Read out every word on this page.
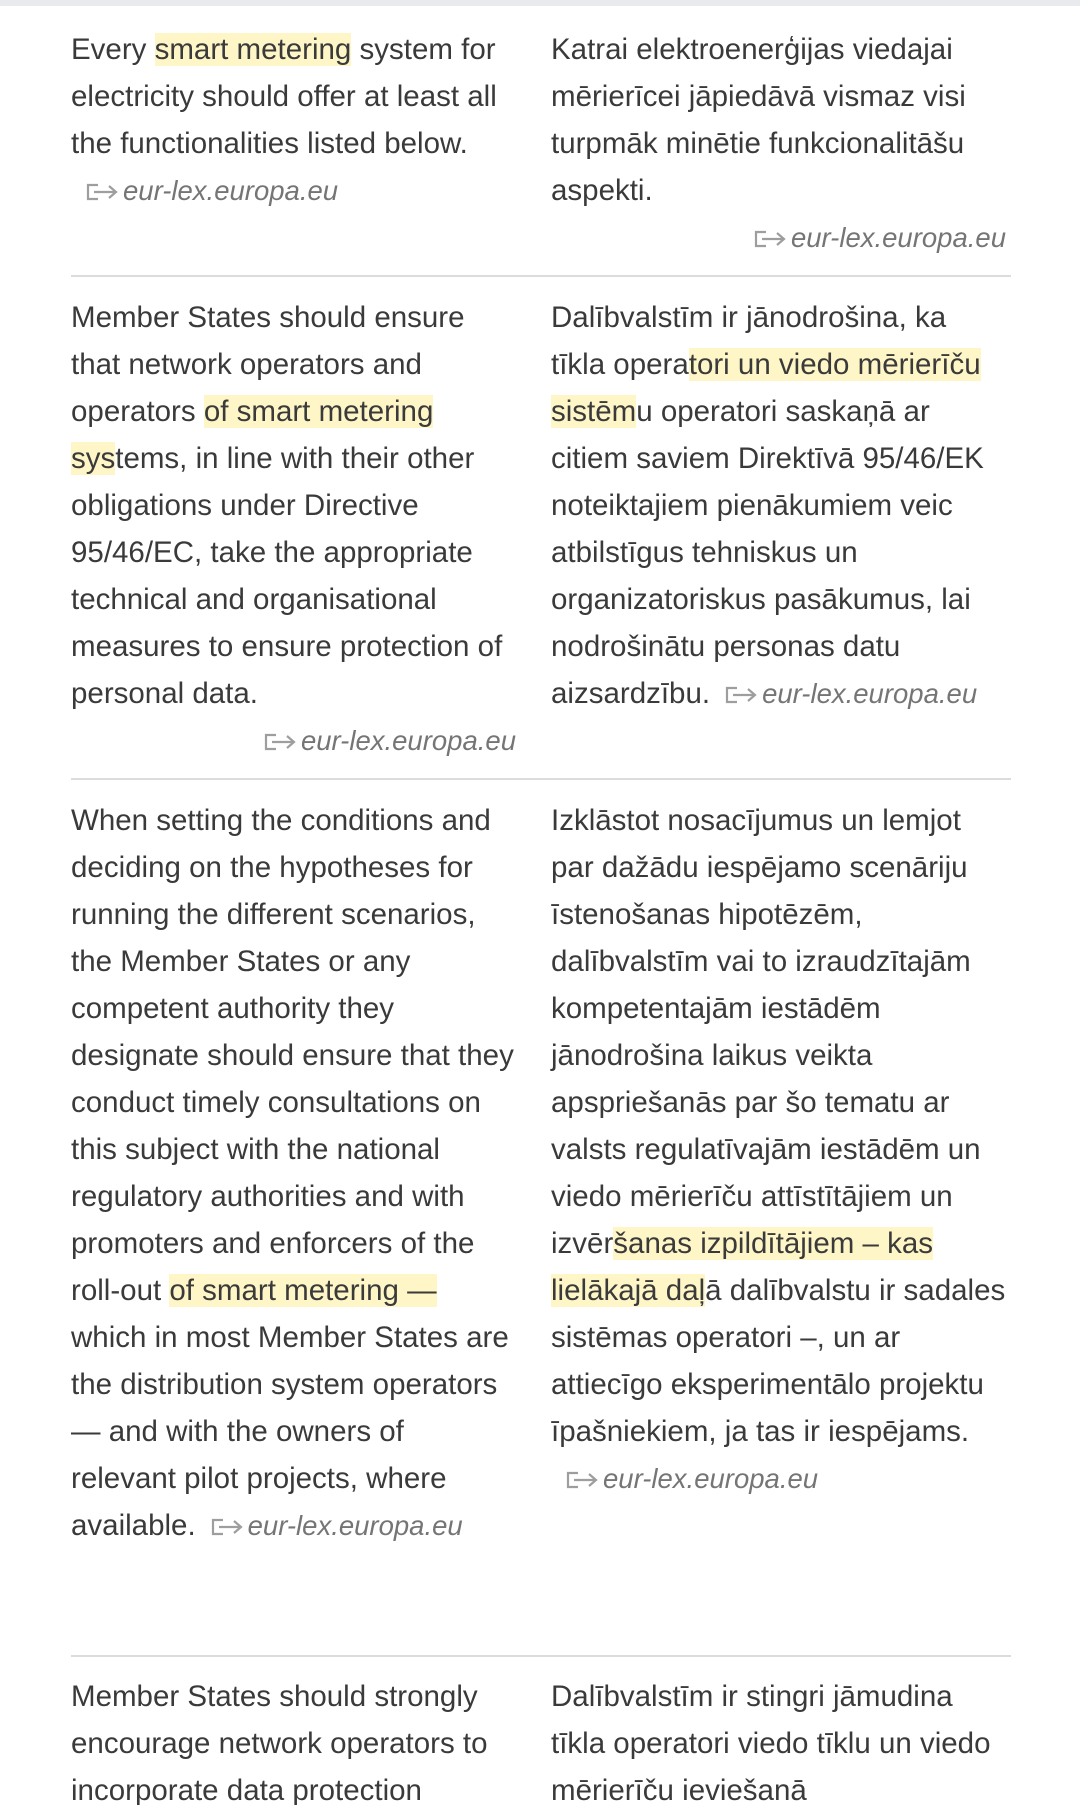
Every smart metering system for electricity should offer at least all the functionalities listed below.eur-lex.europa.eu
Katrai elektroenerģijas viedajai mērierīcei jāpiedāvā vismaz visi turpmāk minētie funkcionalitāšu aspekti.
eur-lex.europa.eu
Member States should ensure that network operators and operators of smart metering systems, in line with their other obligations under Directive 95/46/EC, take the appropriate technical and organisational measures to ensure protection of personal data.
eur-lex.europa.eu
Dalībvalstīm ir jānodrošina, ka tīkla operatori un viedo mērierīču sistēmu operatori saskaņā ar citiem saviem Direktīvā 95/46/EK noteiktajiem pienākumiem veic atbilstīgus tehniskus un organizatoriskus pasākumus, lai nodrošinātu personas datu aizsardzību. eur-lex.europa.eu
When setting the conditions and deciding on the hypotheses for running the different scenarios, the Member States or any competent authority they designate should ensure that they conduct timely consultations on this subject with the national regulatory authorities and with promoters and enforcers of the roll-out of smart metering — which in most Member States are the distribution system operators — and with the owners of relevant pilot projects, where available. eur-lex.europa.eu
Izklāstot nosacījumus un lemjot par dažādu iespējamo scenāriju īstenošanas hipotēzēm, dalībvalstīm vai to izraudzītajām kompetentajām iestādēm jānodrošina laikus veikta apspriešanās par šo tematu ar valsts regulatīvajām iestādēm un viedo mērierīču attīstītājiem un izvēršanas izpildītājiem – kas lielākajā daļā dalībvalstu ir sadales sistēmas operatori –, un ar attiecīgo eksperimentālo projektu īpašniekiem, ja tas ir iespējams.eur-lex.europa.eu
Member States should strongly encourage network operators to incorporate data protection
Dalībvalstīm ir stingri jāmudina tīkla operatori viedo tīklu un viedo mērierīču ieviešanā
